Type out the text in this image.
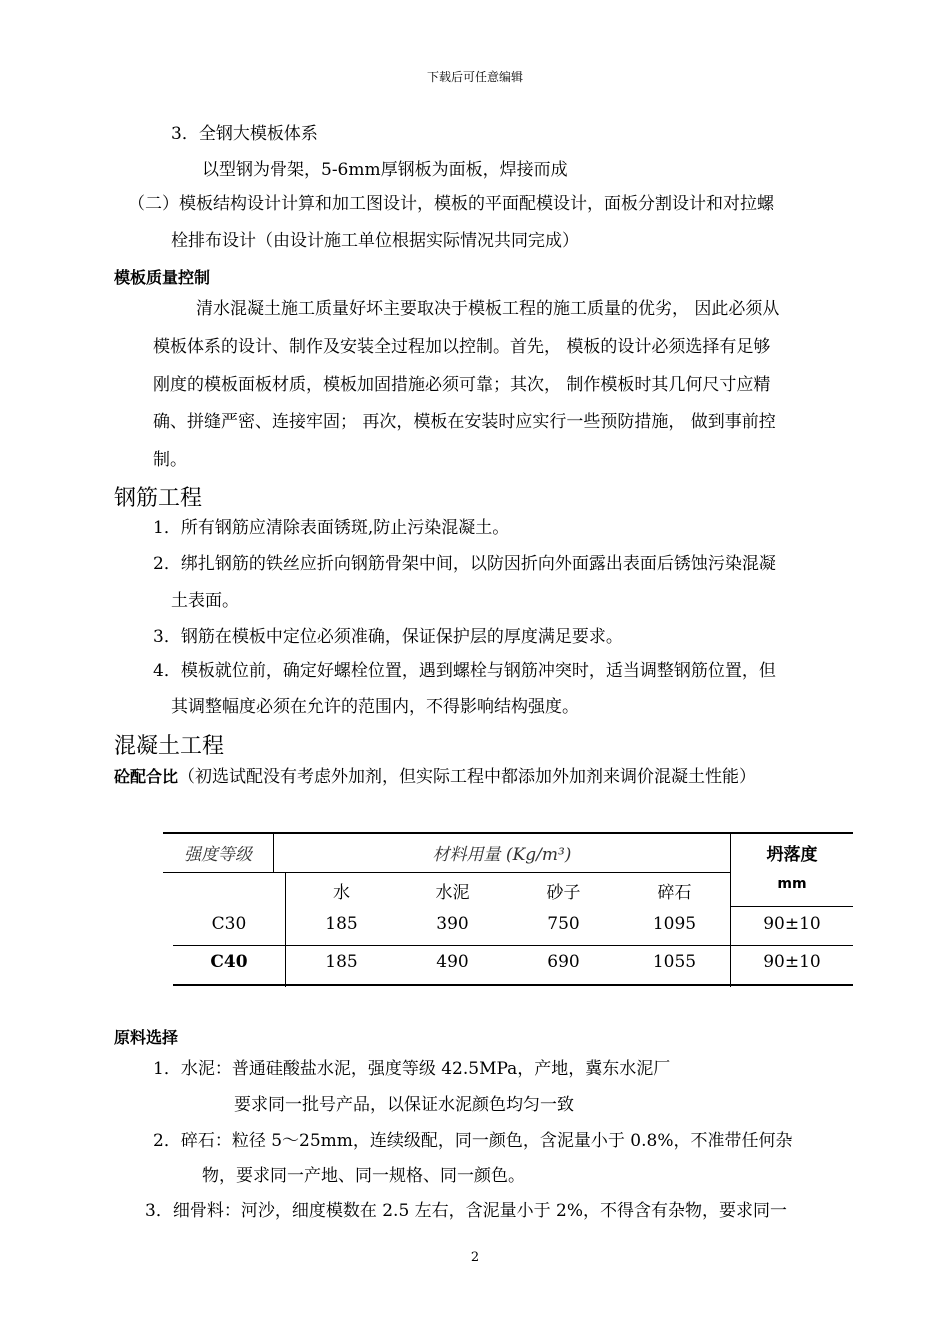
下载后可任意编辑
3．全钢大模板体系
以型钢为骨架，5-6mm厚钢板为面板，焊接而成
（二）模板结构设计计算和加工图设计，模板的平面配模设计，面板分割设计和对拉螺
栓排布设计（由设计施工单位根据实际情况共同完成）
模板质量控制
清水混凝土施工质量好坏主要取决于模板工程的施工质量的优劣， 因此必须从
模板体系的设计、制作及安装全过程加以控制。首先， 模板的设计必须选择有足够
刚度的模板面板材质，模板加固措施必须可靠；其次， 制作模板时其几何尺寸应精
确、拼缝严密、连接牢固； 再次，模板在安装时应实行一些预防措施， 做到事前控
制。
钢筋工程
1．所有钢筋应清除表面锈斑,防止污染混凝土。
2．绑扎钢筋的铁丝应折向钢筋骨架中间，以防因折向外面露出表面后锈蚀污染混凝
土表面。
3．钢筋在模板中定位必须准确，保证保护层的厚度满足要求。
4．模板就位前，确定好螺栓位置，遇到螺栓与钢筋冲突时，适当调整钢筋位置，但
其调整幅度必须在允许的范围内，不得影响结构强度。
混凝土工程
砼配合比（初选试配没有考虑外加剂，但实际工程中都添加外加剂来调价混凝土性能）
强度等级	材料用量 (Kg/m³)	坍落度
mm
水	水泥	砂子	碎石
C30	185	390	750	1095	90±10
C40	185	490	690	1055	90±10
原料选择
1．水泥：普通硅酸盐水泥，强度等级 42.5MPa，产地，冀东水泥厂
要求同一批号产品，以保证水泥颜色均匀一致
2．碎石：粒径 5～25mm，连续级配，同一颜色，含泥量小于 0.8%，不准带任何杂
物，要求同一产地、同一规格、同一颜色。
3．细骨料：河沙，细度模数在 2.5 左右，含泥量小于 2%，不得含有杂物，要求同一
2
